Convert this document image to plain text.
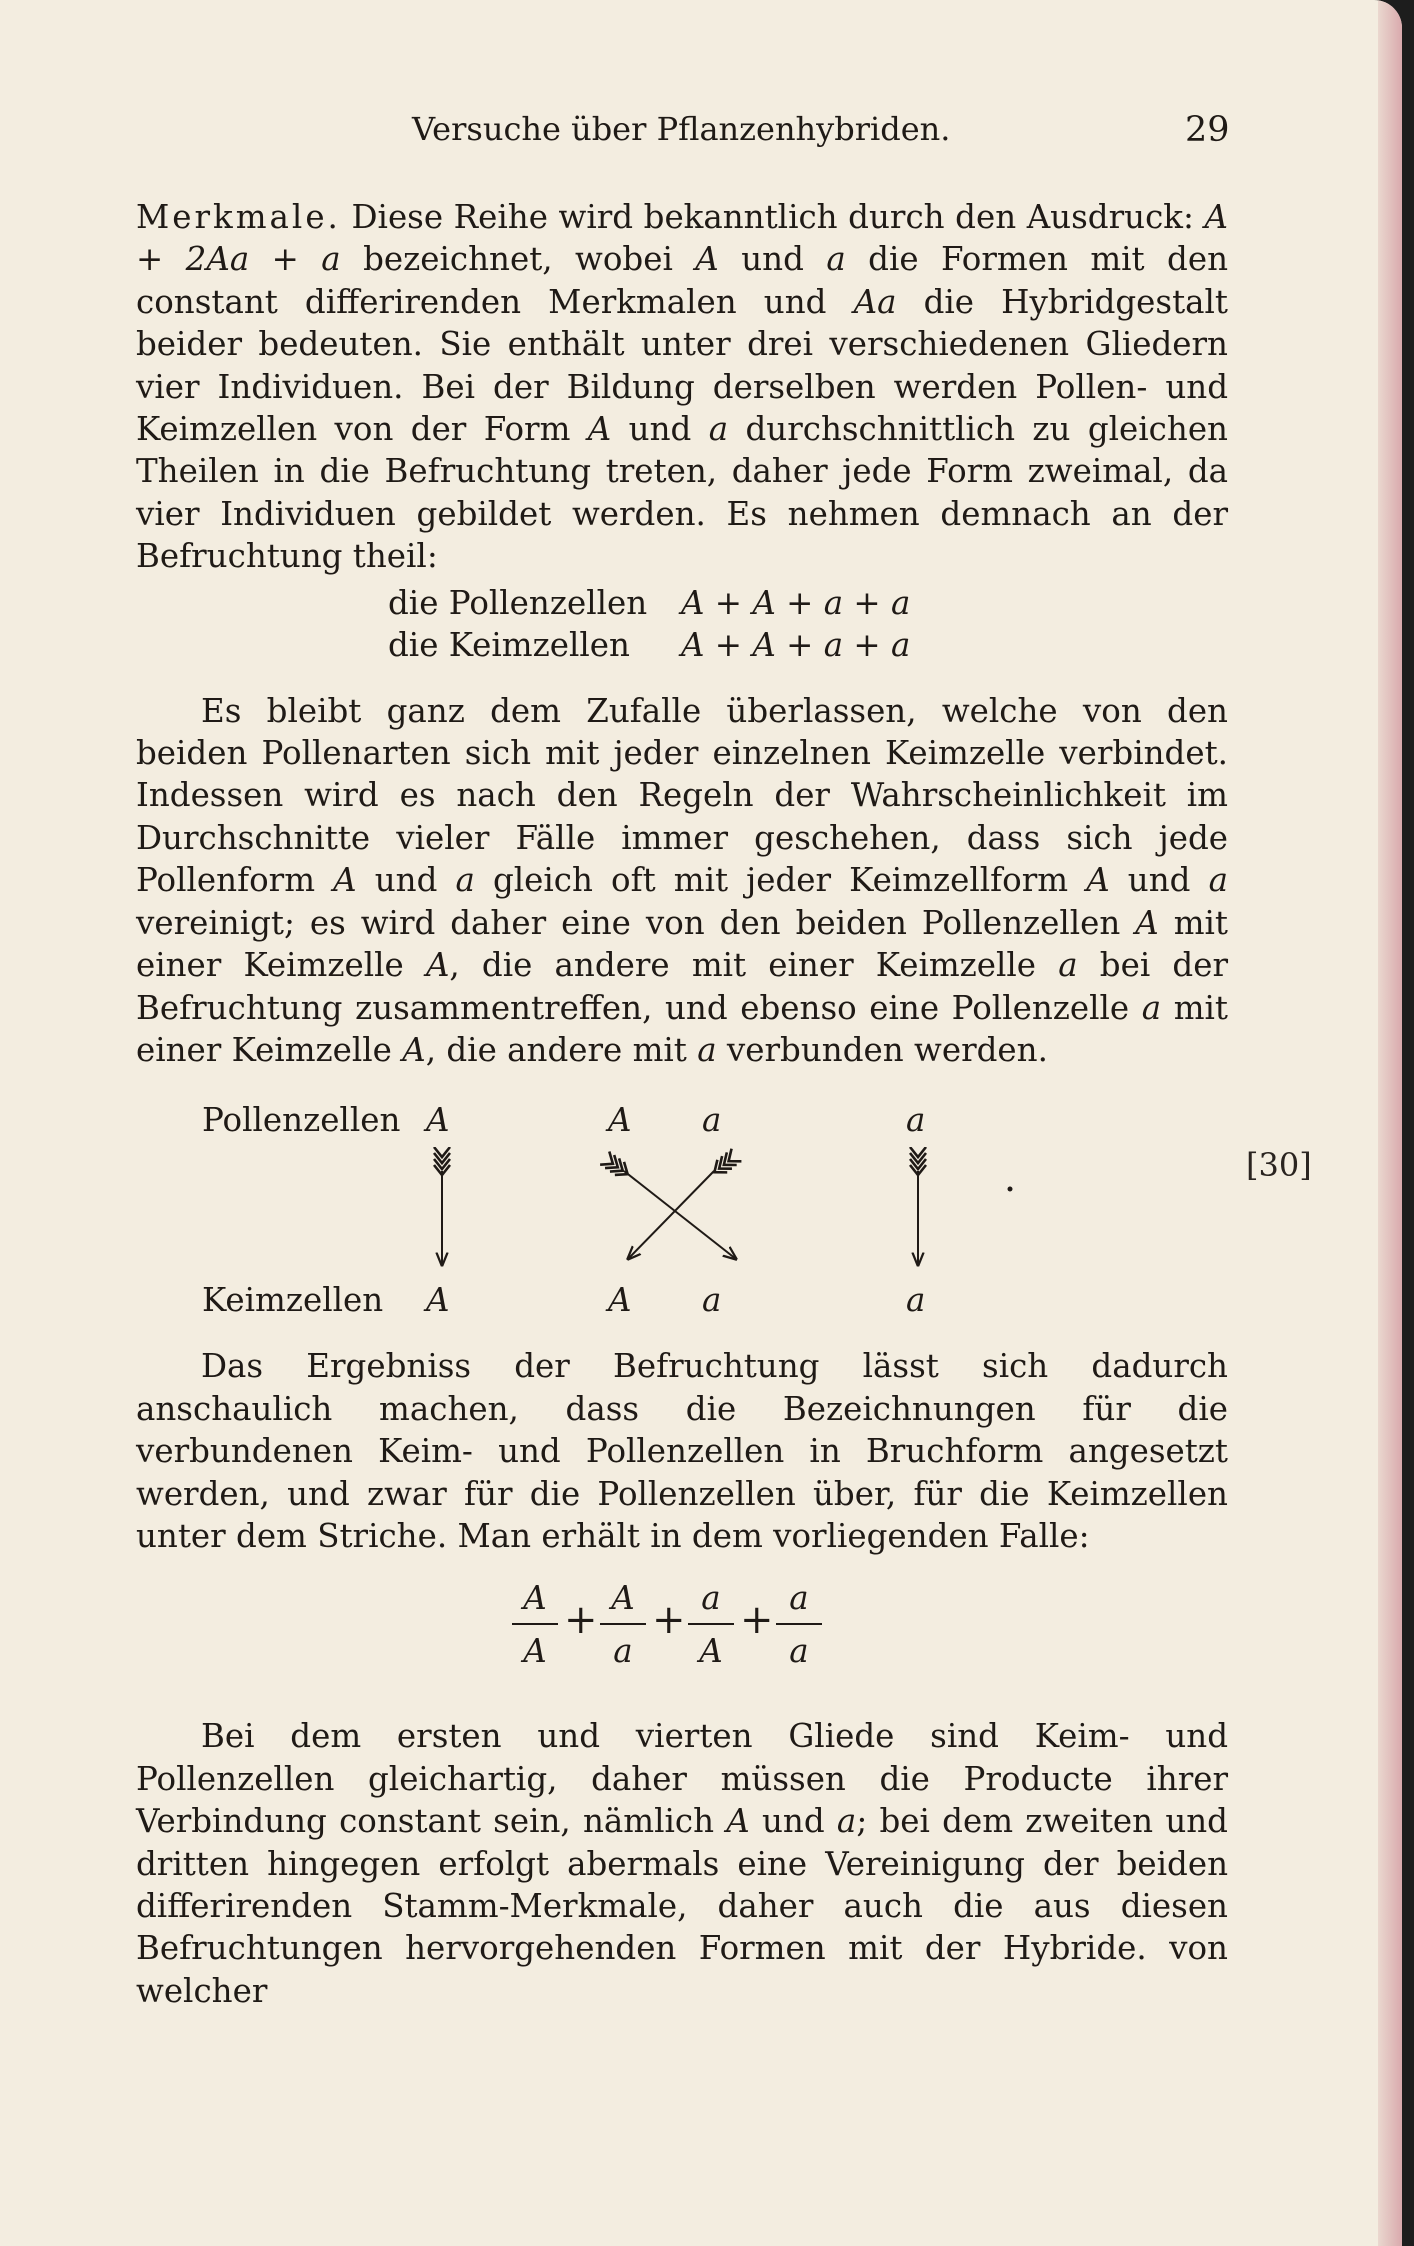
Versuche über Pflanzenhybriden.	29
[30]

Merkmale. Diese Reihe wird bekanntlich durch den Ausdruck: A + 2Aa + a bezeichnet, wobei A und a die Formen mit den constant differirenden Merkmalen und Aa die Hybridgestalt beider bedeuten. Sie enthält unter drei verschiedenen Gliedern vier Individuen. Bei der Bildung derselben werden Pollen- und Keimzellen von der Form A und a durchschnittlich zu gleichen Theilen in die Befruchtung treten, daher jede Form zweimal, da vier Individuen gebildet werden. Es nehmen demnach an der Befruchtung theil:

die Pollenzellen A + A + a + a
die Keimzellen A + A + a + a

Es bleibt ganz dem Zufalle überlassen, welche von den beiden Pollenarten sich mit jeder einzelnen Keimzelle verbindet. Indessen wird es nach den Regeln der Wahrscheinlichkeit im Durchschnitte vieler Fälle immer geschehen, dass sich jede Pollenform A und a gleich oft mit jeder Keimzellform A und a vereinigt; es wird daher eine von den beiden Pollenzellen A mit einer Keimzelle A, die andere mit einer Keimzelle a bei der Befruchtung zusammentreffen, und ebenso eine Pollenzelle a mit einer Keimzelle A, die andere mit a verbunden werden.

Pollenzellen A	A a	a
Keimzellen A	A a	a

Das Ergebniss der Befruchtung lässt sich dadurch anschaulich machen, dass die Bezeichnungen für die verbundenen Keim- und Pollenzellen in Bruchform angesetzt werden, und zwar für die Pollenzellen über, für die Keimzellen unter dem Striche. Man erhält in dem vorliegenden Falle:

A
A
+ A
a
+ a
A
+ a
a

Bei dem ersten und vierten Gliede sind Keim- und Pollenzellen gleichartig, daher müssen die Producte ihrer Verbindung constant sein, nämlich A und a; bei dem zweiten und dritten hingegen erfolgt abermals eine Vereinigung der beiden differirenden Stamm-Merkmale, daher auch die aus diesen Befruchtungen hervorgehenden Formen mit der Hybride. von welcher
